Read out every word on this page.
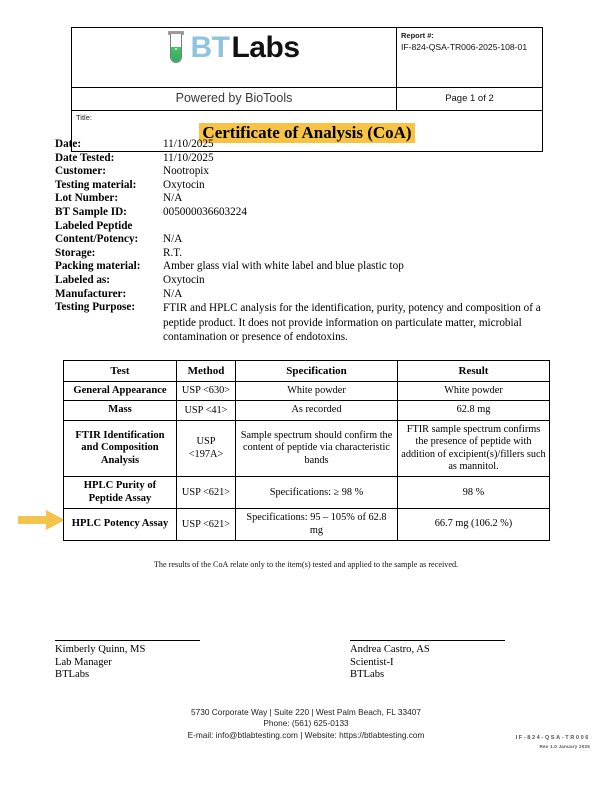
BT Labs	Report #:
IF-824-QSA-TR006-2025-108-01

Powered by BioTools	Page 1 of 2

Title:
Certificate of Analysis (CoA)	
Date:	11/10/2025
Date Tested:	11/10/2025
Customer:	Nootropix
Testing material:	Oxytocin
Lot Number:	N/A
BT Sample ID:	005000036603224
Labeled Peptide
Content/Potency:	N/A
Storage:	R.T.
Packing material:	Amber glass vial with white label and blue plastic top
Labeled as:	Oxytocin
Manufacturer:	N/A
Testing Purpose:	FTIR and HPLC analysis for the identification, purity, potency and composition of a peptide product. It does not provide information on particulate matter, microbial contamination or presence of endotoxins.
Test	Method	Specification	Result
General Appearance	USP <630>	White powder	White powder
Mass	USP <41>	As recorded	62.8 mg
FTIR Identification and Composition Analysis	USP <197A>	Sample spectrum should confirm the content of peptide via characteristic bands	FTIR sample spectrum confirms the presence of peptide with addition of excipient(s)/fillers such as mannitol.
HPLC Purity of Peptide Assay	USP <621>	Specifications: ≥ 98 %	98 %
HPLC Potency Assay	USP <621>	Specifications: 95 – 105% of 62.8 mg	66.7 mg (106.2 %)
The results of the CoA relate only to the item(s) tested and applied to the sample as received.
Kimberly Quinn, MS
Lab Manager
BTLabs
Andrea Castro, AS
Scientist-I
BTLabs
5730 Corporate Way | Suite 220 | West Palm Beach, FL 33407
Phone: (561) 625-0133
E-mail: info@btlabtesting.com | Website: https://btlabtesting.com	IF-824-QSA-TR006
Rev 1.0 January 2025
